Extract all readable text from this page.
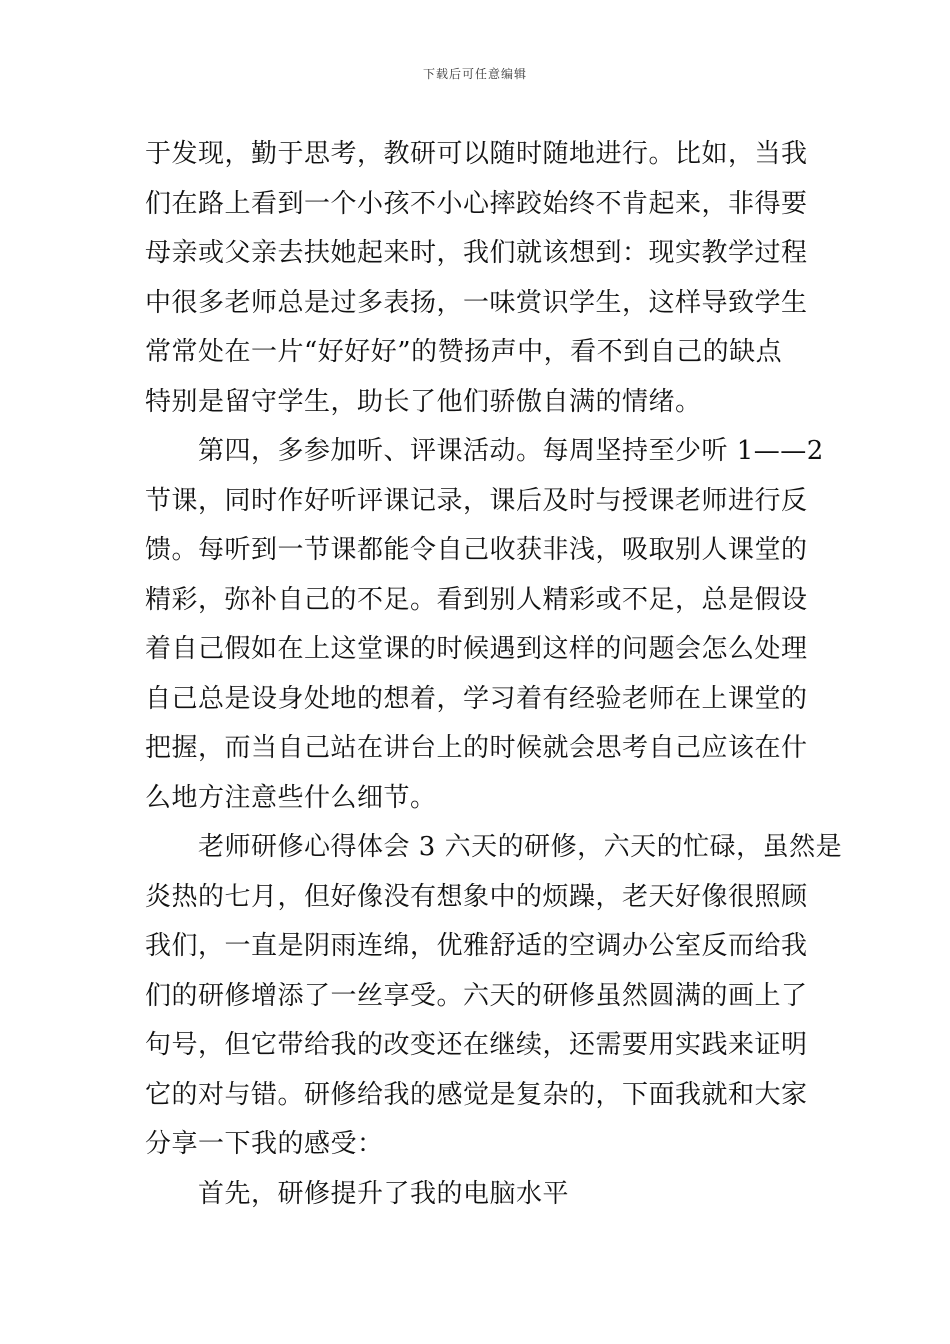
下载后可任意编辑
于发现，勤于思考，教研可以随时随地进行。比如，当我
们在路上看到一个小孩不小心摔跤始终不肯起来，非得要
母亲或父亲去扶她起来时，我们就该想到：现实教学过程
中很多老师总是过多表扬，一味赏识学生，这样导致学生
常常处在一片“好好好”的赞扬声中，看不到自己的缺点
特别是留守学生，助长了他们骄傲自满的情绪。
第四，多参加听、评课活动。每周坚持至少听 1——2
节课，同时作好听评课记录，课后及时与授课老师进行反
馈。每听到一节课都能令自己收获非浅，吸取别人课堂的
精彩，弥补自己的不足。看到别人精彩或不足，总是假设
着自己假如在上这堂课的时候遇到这样的问题会怎么处理
自己总是设身处地的想着，学习着有经验老师在上课堂的
把握，而当自己站在讲台上的时候就会思考自己应该在什
么地方注意些什么细节。
老师研修心得体会 3 六天的研修，六天的忙碌，虽然是
炎热的七月，但好像没有想象中的烦躁，老天好像很照顾
我们，一直是阴雨连绵，优雅舒适的空调办公室反而给我
们的研修增添了一丝享受。六天的研修虽然圆满的画上了
句号，但它带给我的改变还在继续，还需要用实践来证明
它的对与错。研修给我的感觉是复杂的，下面我就和大家
分享一下我的感受：
首先，研修提升了我的电脑水平
